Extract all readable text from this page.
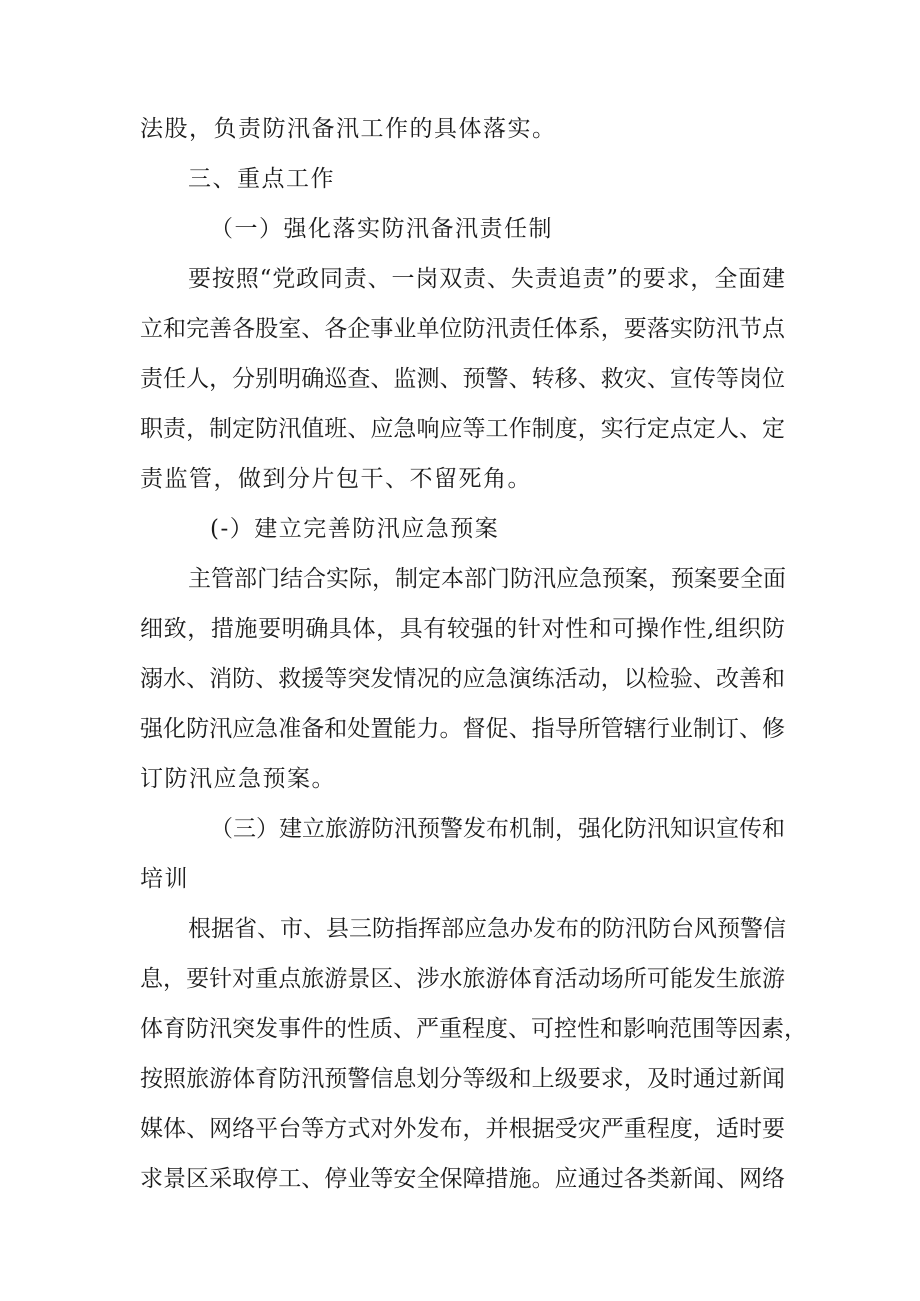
法股，负责防汛备汛工作的具体落实。
三、重点工作
（一）强化落实防汛备汛责任制
要按照“党政同责、一岗双责、失责追责”的要求，全面建
立和完善各股室、各企事业单位防汛责任体系，要落实防汛节点
责任人，分别明确巡查、监测、预警、转移、救灾、宣传等岗位
职责，制定防汛值班、应急响应等工作制度，实行定点定人、定
责监管，做到分片包干、不留死角。
(-）建立完善防汛应急预案
主管部门结合实际，制定本部门防汛应急预案，预案要全面
细致，措施要明确具体，具有较强的针对性和可操作性,组织防
溺水、消防、救援等突发情况的应急演练活动，以检验、改善和
强化防汛应急准备和处置能力。督促、指导所管辖行业制订、修
订防汛应急预案。
（三）建立旅游防汛预警发布机制，强化防汛知识宣传和
培训
根据省、市、县三防指挥部应急办发布的防汛防台风预警信
息，要针对重点旅游景区、涉水旅游体育活动场所可能发生旅游
体育防汛突发事件的性质、严重程度、可控性和影响范围等因素，
按照旅游体育防汛预警信息划分等级和上级要求，及时通过新闻
媒体、网络平台等方式对外发布，并根据受灾严重程度，适时要
求景区采取停工、停业等安全保障措施。应通过各类新闻、网络
